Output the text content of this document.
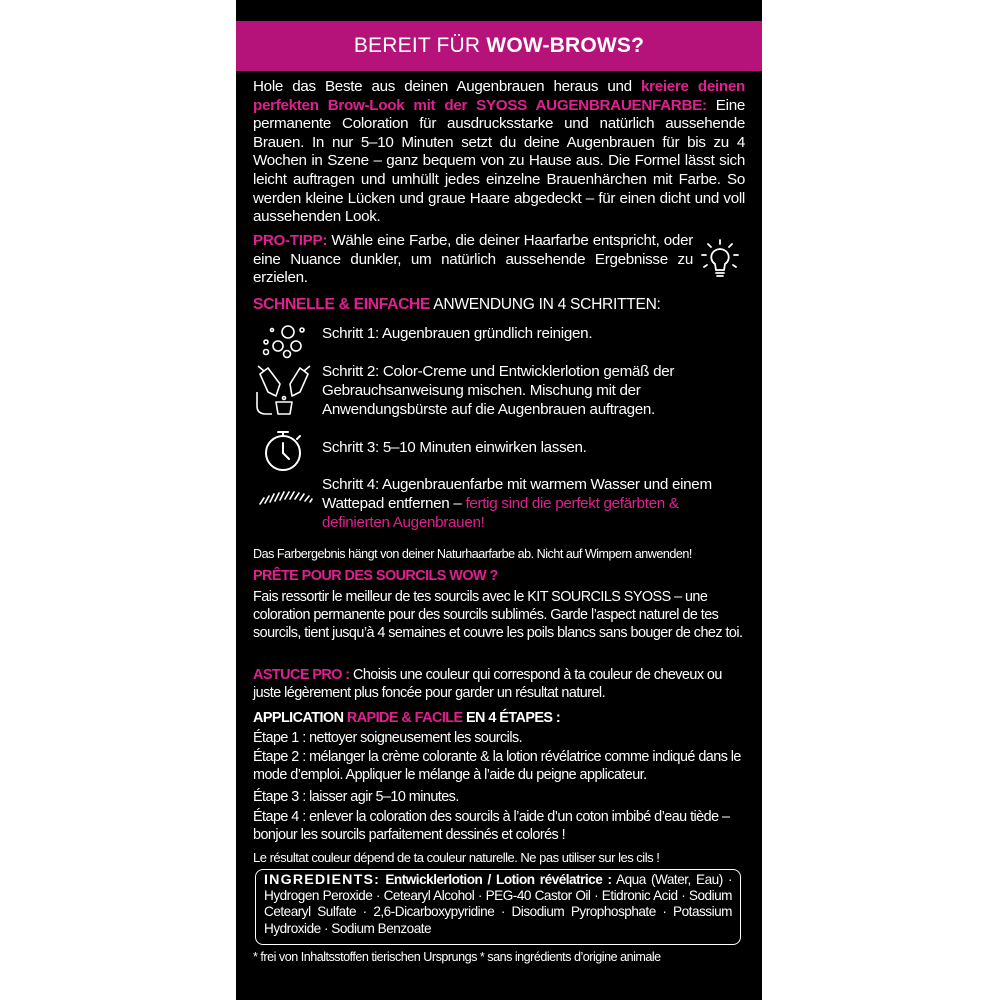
BEREIT FÜR WOW-BROWS?
Hole das Beste aus deinen Augenbrauen heraus und kreiere deinen perfekten Brow-Look mit der SYOSS AUGENBRAUENFARBE: Eine permanente Coloration für ausdrucksstarke und natürlich aussehende Brauen. In nur 5–10 Minuten setzt du deine Augenbrauen für bis zu 4 Wochen in Szene – ganz bequem von zu Hause aus. Die Formel lässt sich leicht auftragen und umhüllt jedes einzelne Brauenhärchen mit Farbe. So werden kleine Lücken und graue Haare abgedeckt – für einen dicht und voll aussehenden Look.
PRO-TIPP: Wähle eine Farbe, die deiner Haarfarbe entspricht, oder eine Nuance dunkler, um natürlich aussehende Ergebnisse zu erzielen.
SCHNELLE & EINFACHE ANWENDUNG IN 4 SCHRITTEN:
Schritt 1: Augenbrauen gründlich reinigen.
Schritt 2: Color-Creme und Entwicklerlotion gemäß der Gebrauchsanweisung mischen. Mischung mit der Anwendungsbürste auf die Augenbrauen auftragen.
Schritt 3: 5–10 Minuten einwirken lassen.
Schritt 4: Augenbrauenfarbe mit warmem Wasser und einem Wattepad entfernen – fertig sind die perfekt gefärbten & definierten Augenbrauen!
Das Farbergebnis hängt von deiner Naturhaarfarbe ab. Nicht auf Wimpern anwenden!
PRÊTE POUR DES SOURCILS WOW ?
Fais ressortir le meilleur de tes sourcils avec le KIT SOURCILS SYOSS – une coloration permanente pour des sourcils sublimés. Garde l’aspect naturel de tes sourcils, tient jusqu’à 4 semaines et couvre les poils blancs sans bouger de chez toi.
ASTUCE PRO : Choisis une couleur qui correspond à ta couleur de cheveux ou juste légèrement plus foncée pour garder un résultat naturel.
APPLICATION RAPIDE & FACILE EN 4 ÉTAPES :
Étape 1 : nettoyer soigneusement les sourcils.
Étape 2 : mélanger la crème colorante & la lotion révélatrice comme indiqué dans le mode d’emploi. Appliquer le mélange à l’aide du peigne applicateur.
Étape 3 : laisser agir 5–10 minutes.
Étape 4 : enlever la coloration des sourcils à l’aide d’un coton imbibé d’eau tiède – bonjour les sourcils parfaitement dessinés et colorés !
Le résultat couleur dépend de ta couleur naturelle. Ne pas utiliser sur les cils !
INGREDIENTS: Entwicklerlotion / Lotion révélatrice : Aqua (Water, Eau) · Hydrogen Peroxide · Cetearyl Alcohol · PEG-40 Castor Oil · Etidronic Acid · Sodium Cetearyl Sulfate · 2,6-Dicarboxypyridine · Disodium Pyrophosphate · Potassium Hydroxide · Sodium Benzoate
* frei von Inhaltsstoffen tierischen Ursprungs * sans ingrédients d’origine animale
